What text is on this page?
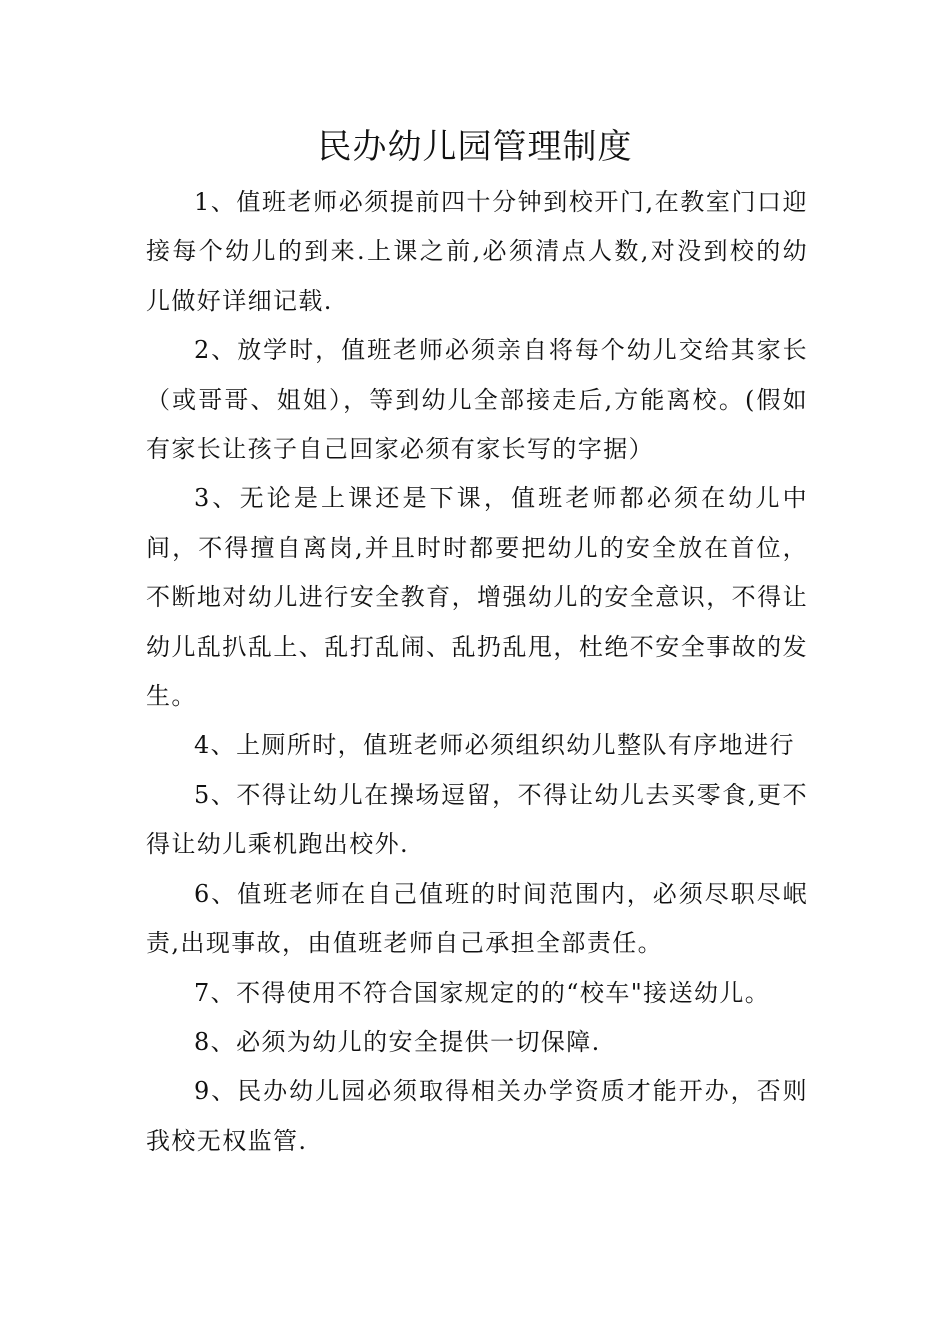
民办幼儿园管理制度

1、值班老师必须提前四十分钟到校开门,在教室门口迎接每个幼儿的到来.上课之前,必须清点人数,对没到校的幼儿做好详细记载.

2、放学时，值班老师必须亲自将每个幼儿交给其家长（或哥哥、姐姐），等到幼儿全部接走后,方能离校。(假如有家长让孩子自己回家必须有家长写的字据）

3、无论是上课还是下课，值班老师都必须在幼儿中间，不得擅自离岗,并且时时都要把幼儿的安全放在首位，不断地对幼儿进行安全教育，增强幼儿的安全意识，不得让幼儿乱扒乱上、乱打乱闹、乱扔乱甩，杜绝不安全事故的发生。

4、上厕所时，值班老师必须组织幼儿整队有序地进行

5、不得让幼儿在操场逗留，不得让幼儿去买零食,更不得让幼儿乘机跑出校外.

6、值班老师在自己值班的时间范围内，必须尽职尽岷责,出现事故，由值班老师自己承担全部责任。

7、不得使用不符合国家规定的的“校车"接送幼儿。

8、必须为幼儿的安全提供一切保障.

9、民办幼儿园必须取得相关办学资质才能开办，否则我校无权监管.
